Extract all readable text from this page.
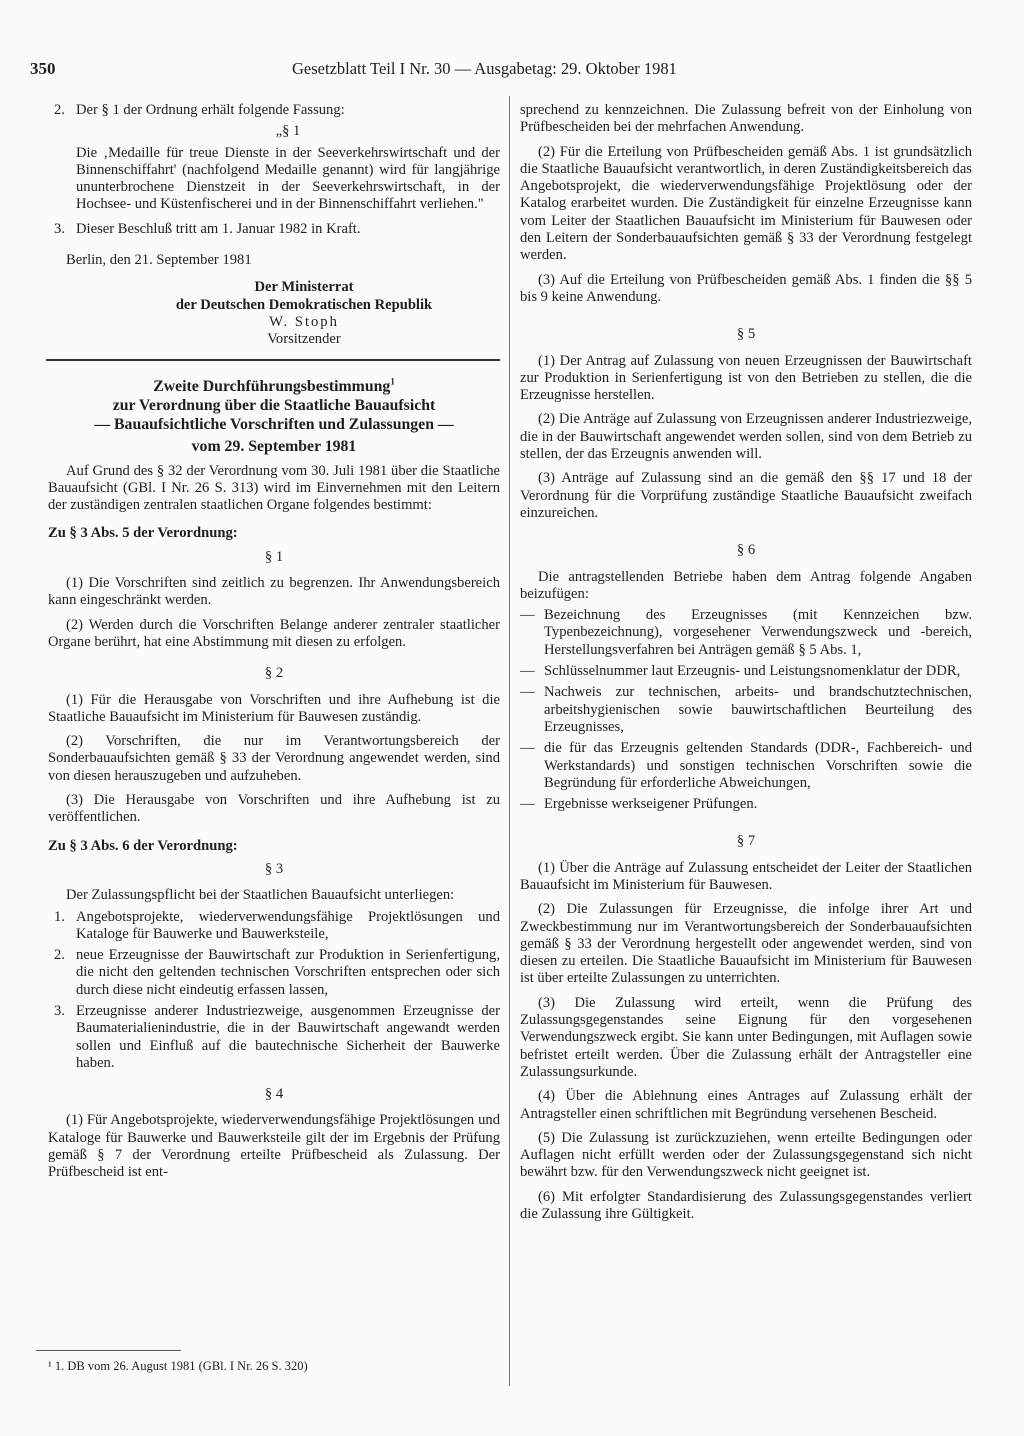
350	Gesetzblatt Teil I Nr. 30 — Ausgabetag: 29. Oktober 1981

2. Der § 1 der Ordnung erhält folgende Fassung:

„§ 1

Die ‚Medaille für treue Dienste in der Seeverkehrswirtschaft und der Binnenschiffahrt' (nachfolgend Medaille genannt) wird für langjährige ununterbrochene Dienstzeit in der Seeverkehrswirtschaft, in der Hochsee- und Küstenfischerei und in der Binnenschiffahrt verliehen."

3. Dieser Beschluß tritt am 1. Januar 1982 in Kraft.

Berlin, den 21. September 1981

Der Ministerrat
der Deutschen Demokratischen Republik
W. Stoph
Vorsitzender
Zweite Durchführungsbestimmung$^1$
zur Verordnung über die Staatliche Bauaufsicht
— Bauaufsichtliche Vorschriften und Zulassungen —
vom 29. September 1981

Auf Grund des § 32 der Verordnung vom 30. Juli 1981 über die Staatliche Bauaufsicht (GBl. I Nr. 26 S. 313) wird im Einvernehmen mit den Leitern der zuständigen zentralen staatlichen Organe folgendes bestimmt:

Zu § 3 Abs. 5 der Verordnung:

§ 1

(1) Die Vorschriften sind zeitlich zu begrenzen. Ihr Anwendungsbereich kann eingeschränkt werden.

(2) Werden durch die Vorschriften Belange anderer zentraler staatlicher Organe berührt, hat eine Abstimmung mit diesen zu erfolgen.

§ 2

(1) Für die Herausgabe von Vorschriften und ihre Aufhebung ist die Staatliche Bauaufsicht im Ministerium für Bauwesen zuständig.

(2) Vorschriften, die nur im Verantwortungsbereich der Sonderbauaufsichten gemäß § 33 der Verordnung angewendet werden, sind von diesen herauszugeben und aufzuheben.

(3) Die Herausgabe von Vorschriften und ihre Aufhebung ist zu veröffentlichen.

Zu § 3 Abs. 6 der Verordnung:

§ 3

Der Zulassungspflicht bei der Staatlichen Bauaufsicht unterliegen:

1. Angebotsprojekte, wiederverwendungsfähige Projektlösungen und Kataloge für Bauwerke und Bauwerksteile,

2. neue Erzeugnisse der Bauwirtschaft zur Produktion in Serienfertigung, die nicht den geltenden technischen Vorschriften entsprechen oder sich durch diese nicht eindeutig erfassen lassen,

3. Erzeugnisse anderer Industriezweige, ausgenommen Erzeugnisse der Baumaterialienindustrie, die in der Bauwirtschaft angewandt werden sollen und Einfluß auf die bautechnische Sicherheit der Bauwerke haben.

§ 4

(1) Für Angebotsprojekte, wiederverwendungsfähige Projektlösungen und Kataloge für Bauwerke und Bauwerksteile gilt der im Ergebnis der Prüfung gemäß § 7 der Verordnung erteilte Prüfbescheid als Zulassung. Der Prüfbescheid ist ent-

¹ 1. DB vom 26. August 1981 (GBl. I Nr. 26 S. 320)

sprechend zu kennzeichnen. Die Zulassung befreit von der Einholung von Prüfbescheiden bei der mehrfachen Anwendung.

(2) Für die Erteilung von Prüfbescheiden gemäß Abs. 1 ist grundsätzlich die Staatliche Bauaufsicht verantwortlich, in deren Zuständigkeitsbereich das Angebotsprojekt, die wiederverwendungsfähige Projektlösung oder der Katalog erarbeitet wurden. Die Zuständigkeit für einzelne Erzeugnisse kann vom Leiter der Staatlichen Bauaufsicht im Ministerium für Bauwesen oder den Leitern der Sonderbauaufsichten gemäß § 33 der Verordnung festgelegt werden.

(3) Auf die Erteilung von Prüfbescheiden gemäß Abs. 1 finden die §§ 5 bis 9 keine Anwendung.

§ 5

(1) Der Antrag auf Zulassung von neuen Erzeugnissen der Bauwirtschaft zur Produktion in Serienfertigung ist von den Betrieben zu stellen, die die Erzeugnisse herstellen.

(2) Die Anträge auf Zulassung von Erzeugnissen anderer Industriezweige, die in der Bauwirtschaft angewendet werden sollen, sind von dem Betrieb zu stellen, der das Erzeugnis anwenden will.

(3) Anträge auf Zulassung sind an die gemäß den §§ 17 und 18 der Verordnung für die Vorprüfung zuständige Staatliche Bauaufsicht zweifach einzureichen.

§ 6

Die antragstellenden Betriebe haben dem Antrag folgende Angaben beizufügen:

— Bezeichnung des Erzeugnisses (mit Kennzeichen bzw. Typenbezeichnung), vorgesehener Verwendungszweck und -bereich, Herstellungsverfahren bei Anträgen gemäß § 5 Abs. 1,

— Schlüsselnummer laut Erzeugnis- und Leistungsnomenklatur der DDR,

— Nachweis zur technischen, arbeits- und brandschutztechnischen, arbeitshygienischen sowie bauwirtschaftlichen Beurteilung des Erzeugnisses,

— die für das Erzeugnis geltenden Standards (DDR-, Fachbereich- und Werkstandards) und sonstigen technischen Vorschriften sowie die Begründung für erforderliche Abweichungen,

— Ergebnisse werkseigener Prüfungen.

§ 7

(1) Über die Anträge auf Zulassung entscheidet der Leiter der Staatlichen Bauaufsicht im Ministerium für Bauwesen.

(2) Die Zulassungen für Erzeugnisse, die infolge ihrer Art und Zweckbestimmung nur im Verantwortungsbereich der Sonderbauaufsichten gemäß § 33 der Verordnung hergestellt oder angewendet werden, sind von diesen zu erteilen. Die Staatliche Bauaufsicht im Ministerium für Bauwesen ist über erteilte Zulassungen zu unterrichten.

(3) Die Zulassung wird erteilt, wenn die Prüfung des Zulassungsgegenstandes seine Eignung für den vorgesehenen Verwendungszweck ergibt. Sie kann unter Bedingungen, mit Auflagen sowie befristet erteilt werden. Über die Zulassung erhält der Antragsteller eine Zulassungsurkunde.

(4) Über die Ablehnung eines Antrages auf Zulassung erhält der Antragsteller einen schriftlichen mit Begründung versehenen Bescheid.

(5) Die Zulassung ist zurückzuziehen, wenn erteilte Bedingungen oder Auflagen nicht erfüllt werden oder der Zulassungsgegenstand sich nicht bewährt bzw. für den Verwendungszweck nicht geeignet ist.

(6) Mit erfolgter Standardisierung des Zulassungsgegenstandes verliert die Zulassung ihre Gültigkeit.
